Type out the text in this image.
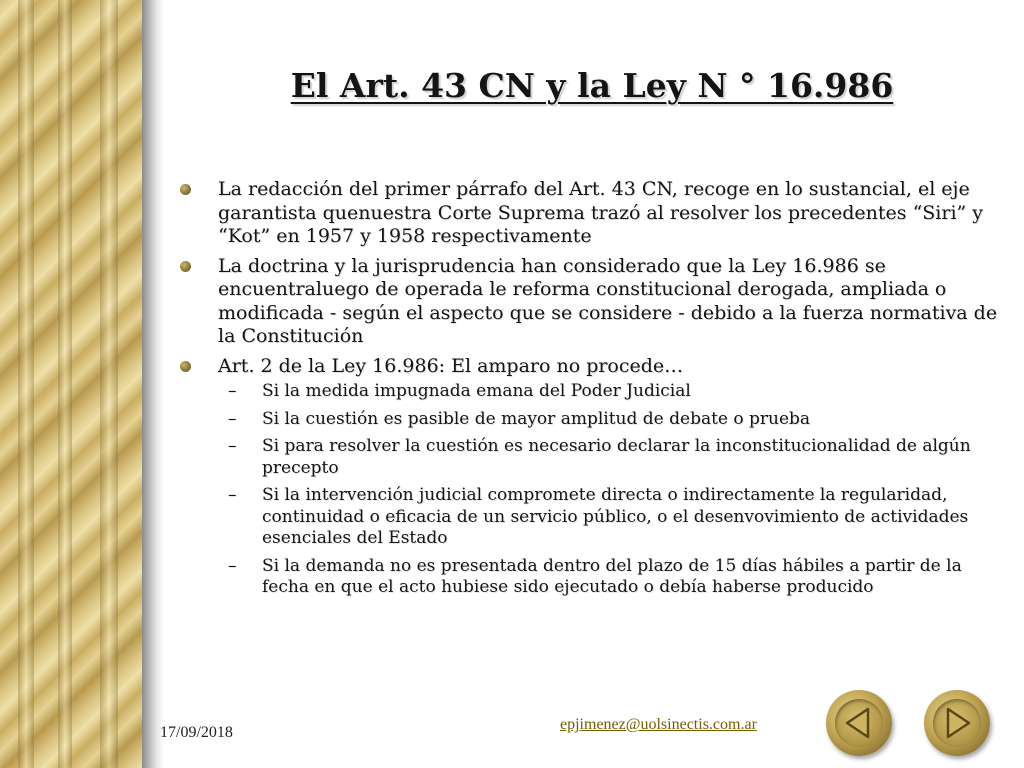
El Art. 43 CN y la Ley N ° 16.986
La redacción del primer párrafo del Art. 43 CN, recoge en lo sustancial, el eje garantista quenuestra Corte Suprema trazó al resolver los precedentes “Siri” y “Kot” en 1957 y 1958 respectivamente
La doctrina y la jurisprudencia han considerado que la Ley 16.986 se encuentraluego de operada le reforma constitucional derogada, ampliada o modificada - según el aspecto que se considere - debido a la fuerza normativa de la Constitución
Art. 2 de la Ley 16.986: El amparo no procede…
– Si la medida impugnada emana del Poder Judicial
– Si la cuestión es pasible de mayor amplitud de debate o prueba
– Si para resolver la cuestión es necesario declarar la inconstitucionalidad de algún precepto
– Si la intervención judicial compromete directa o indirectamente la regularidad, continuidad o eficacia de un servicio público, o el desenvovimiento de actividades esenciales del Estado
– Si la demanda no es presentada dentro del plazo de 15 días hábiles a partir de la fecha en que el acto hubiese sido ejecutado o debía haberse producido
17/09/2018	epjimenez@uolsinectis.com.ar
